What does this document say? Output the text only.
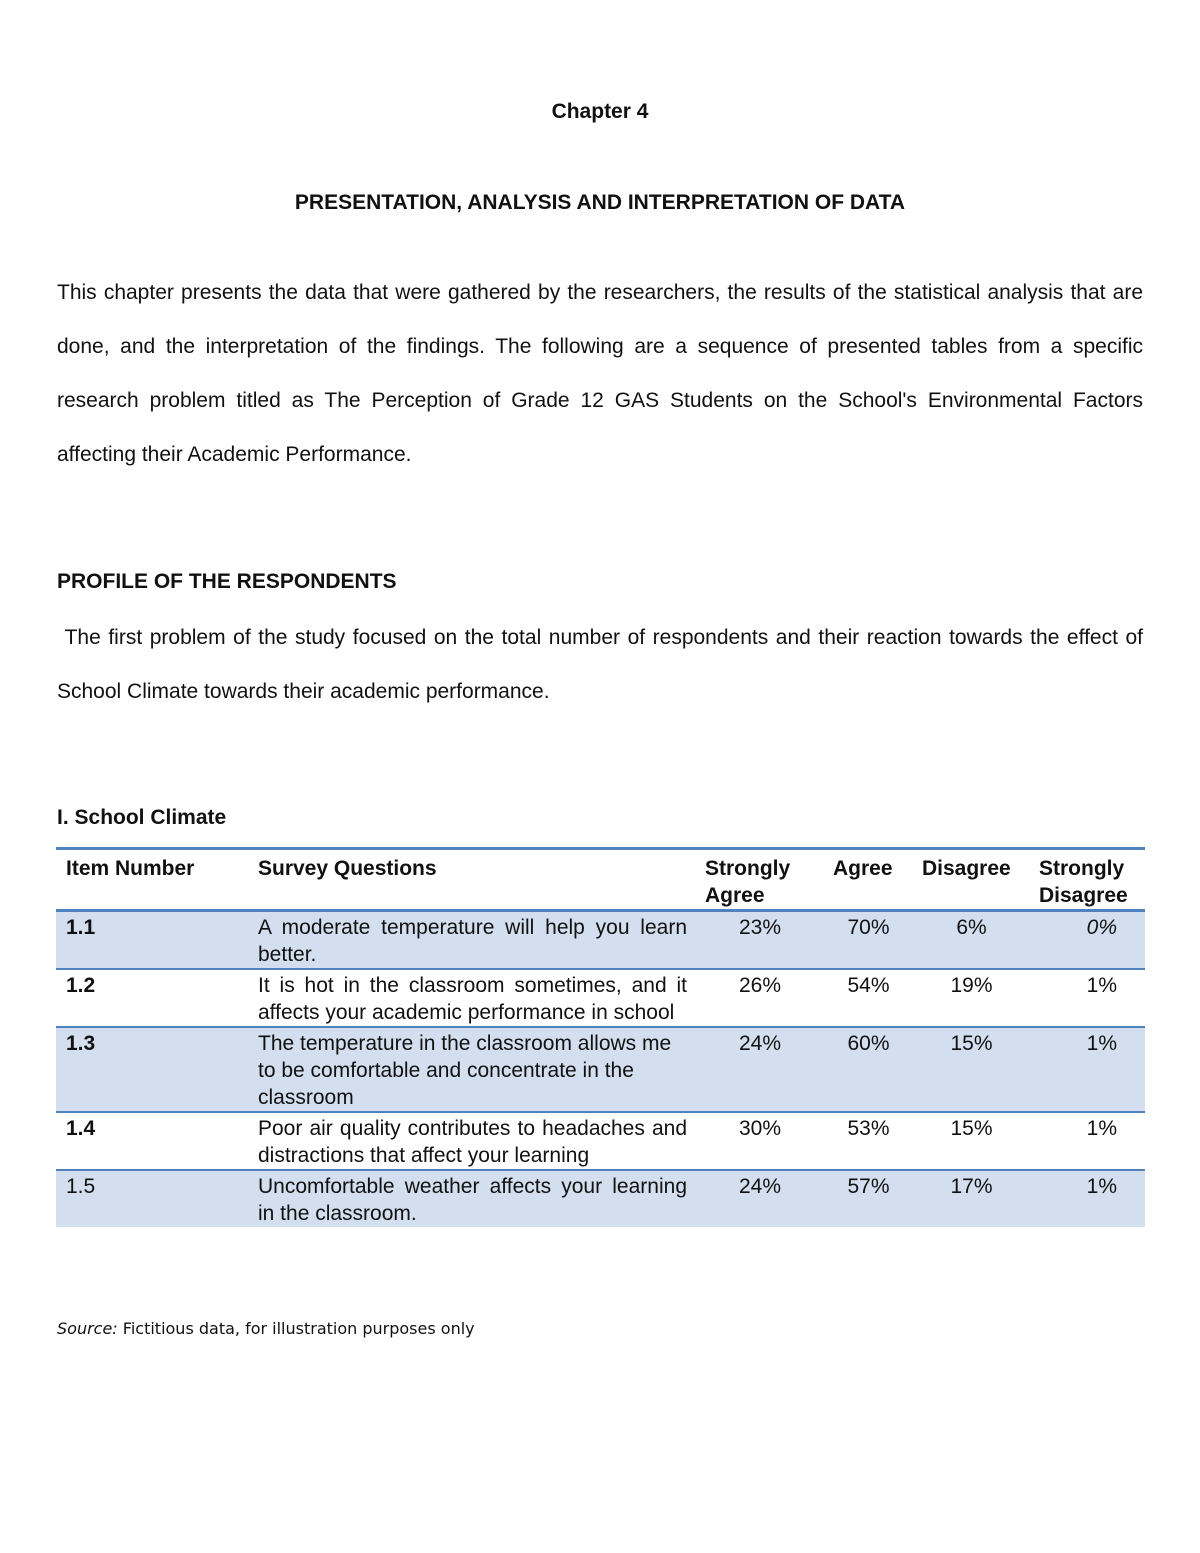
Chapter 4
PRESENTATION, ANALYSIS AND INTERPRETATION OF DATA
This chapter presents the data that were gathered by the researchers, the results of the statistical analysis that are done, and the interpretation of the findings. The following are a sequence of presented tables from a specific research problem titled as The Perception of Grade 12 GAS Students on the School's Environmental Factors affecting their Academic Performance.
PROFILE OF THE RESPONDENTS
The first problem of the study focused on the total number of respondents and their reaction towards the effect of School Climate towards their academic performance.
I. School Climate
Item Number	Survey Questions	Strongly Agree	Agree	Disagree	Strongly Disagree
1.1	A moderate temperature will help you learn better.	23%	70%	6%	0%
1.2	It is hot in the classroom sometimes, and it affects your academic performance in school	26%	54%	19%	1%
1.3	The temperature in the classroom allows me to be comfortable and concentrate in the classroom	24%	60%	15%	1%
1.4	Poor air quality contributes to headaches and distractions that affect your learning	30%	53%	15%	1%
1.5	Uncomfortable weather affects your learning in the classroom.	24%	57%	17%	1%
Source: Fictitious data, for illustration purposes only
